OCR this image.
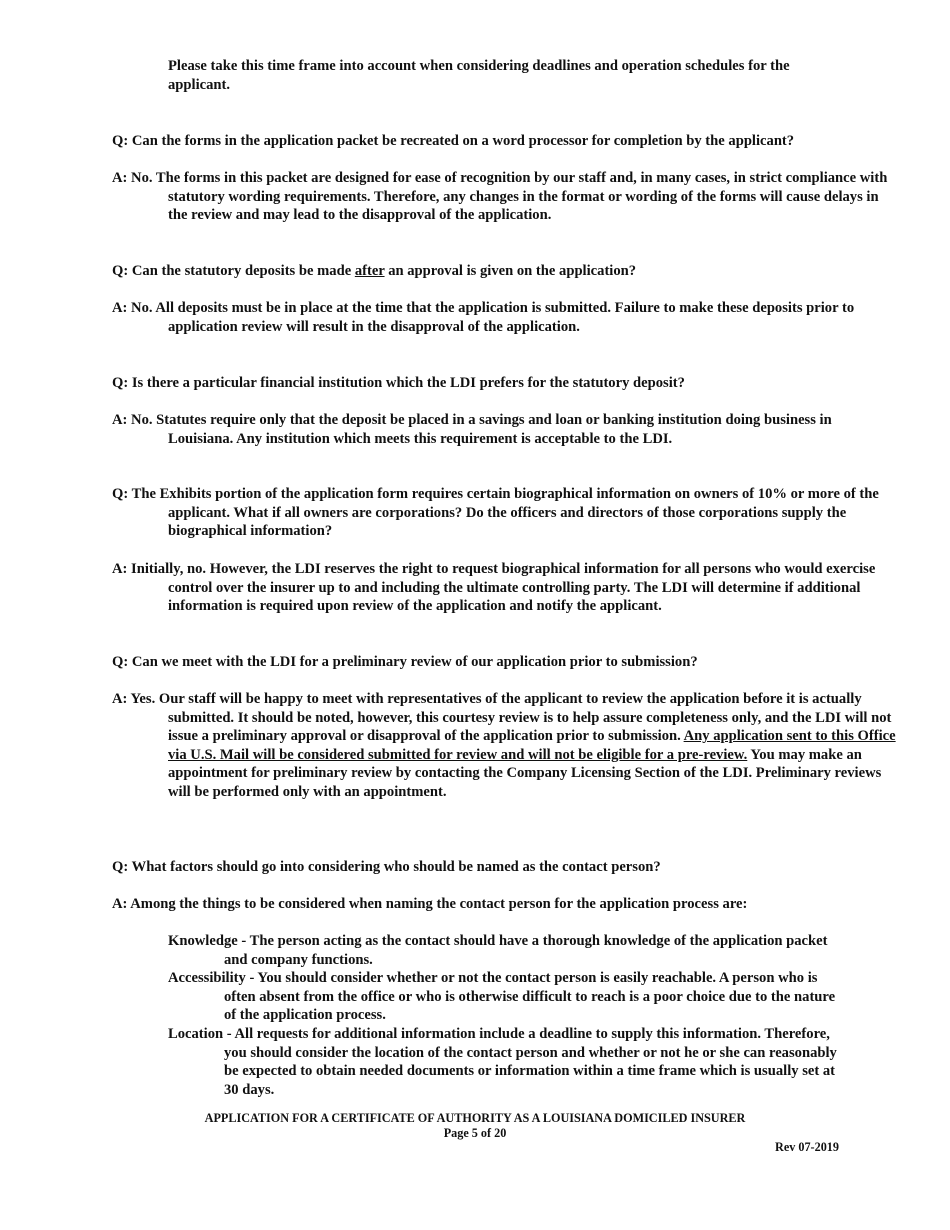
Please take this time frame into account when considering deadlines and operation schedules for the applicant.

Q: Can the forms in the application packet be recreated on a word processor for completion by the applicant?

A: No. The forms in this packet are designed for ease of recognition by our staff and, in many cases, in strict compliance with statutory wording requirements. Therefore, any changes in the format or wording of the forms will cause delays in the review and may lead to the disapproval of the application.

Q: Can the statutory deposits be made after an approval is given on the application?

A: No. All deposits must be in place at the time that the application is submitted. Failure to make these deposits prior to application review will result in the disapproval of the application.

Q: Is there a particular financial institution which the LDI prefers for the statutory deposit?

A: No. Statutes require only that the deposit be placed in a savings and loan or banking institution doing business in Louisiana. Any institution which meets this requirement is acceptable to the LDI.

Q: The Exhibits portion of the application form requires certain biographical information on owners of 10% or more of the applicant. What if all owners are corporations? Do the officers and directors of those corporations supply the biographical information?

A: Initially, no. However, the LDI reserves the right to request biographical information for all persons who would exercise control over the insurer up to and including the ultimate controlling party. The LDI will determine if additional information is required upon review of the application and notify the applicant.

Q: Can we meet with the LDI for a preliminary review of our application prior to submission?

A: Yes. Our staff will be happy to meet with representatives of the applicant to review the application before it is actually submitted. It should be noted, however, this courtesy review is to help assure completeness only, and the LDI will not issue a preliminary approval or disapproval of the application prior to submission. Any application sent to this Office via U.S. Mail will be considered submitted for review and will not be eligible for a pre-review. You may make an appointment for preliminary review by contacting the Company Licensing Section of the LDI. Preliminary reviews will be performed only with an appointment.

Q: What factors should go into considering who should be named as the contact person?

A: Among the things to be considered when naming the contact person for the application process are:

Knowledge - The person acting as the contact should have a thorough knowledge of the application packet and company functions.

Accessibility - You should consider whether or not the contact person is easily reachable. A person who is often absent from the office or who is otherwise difficult to reach is a poor choice due to the nature of the application process.

Location - All requests for additional information include a deadline to supply this information. Therefore, you should consider the location of the contact person and whether or not he or she can reasonably be expected to obtain needed documents or information within a time frame which is usually set at 30 days.

APPLICATION FOR A CERTIFICATE OF AUTHORITY AS A LOUISIANA DOMICILED INSURER
Page 5 of 20
Rev 07-2019
